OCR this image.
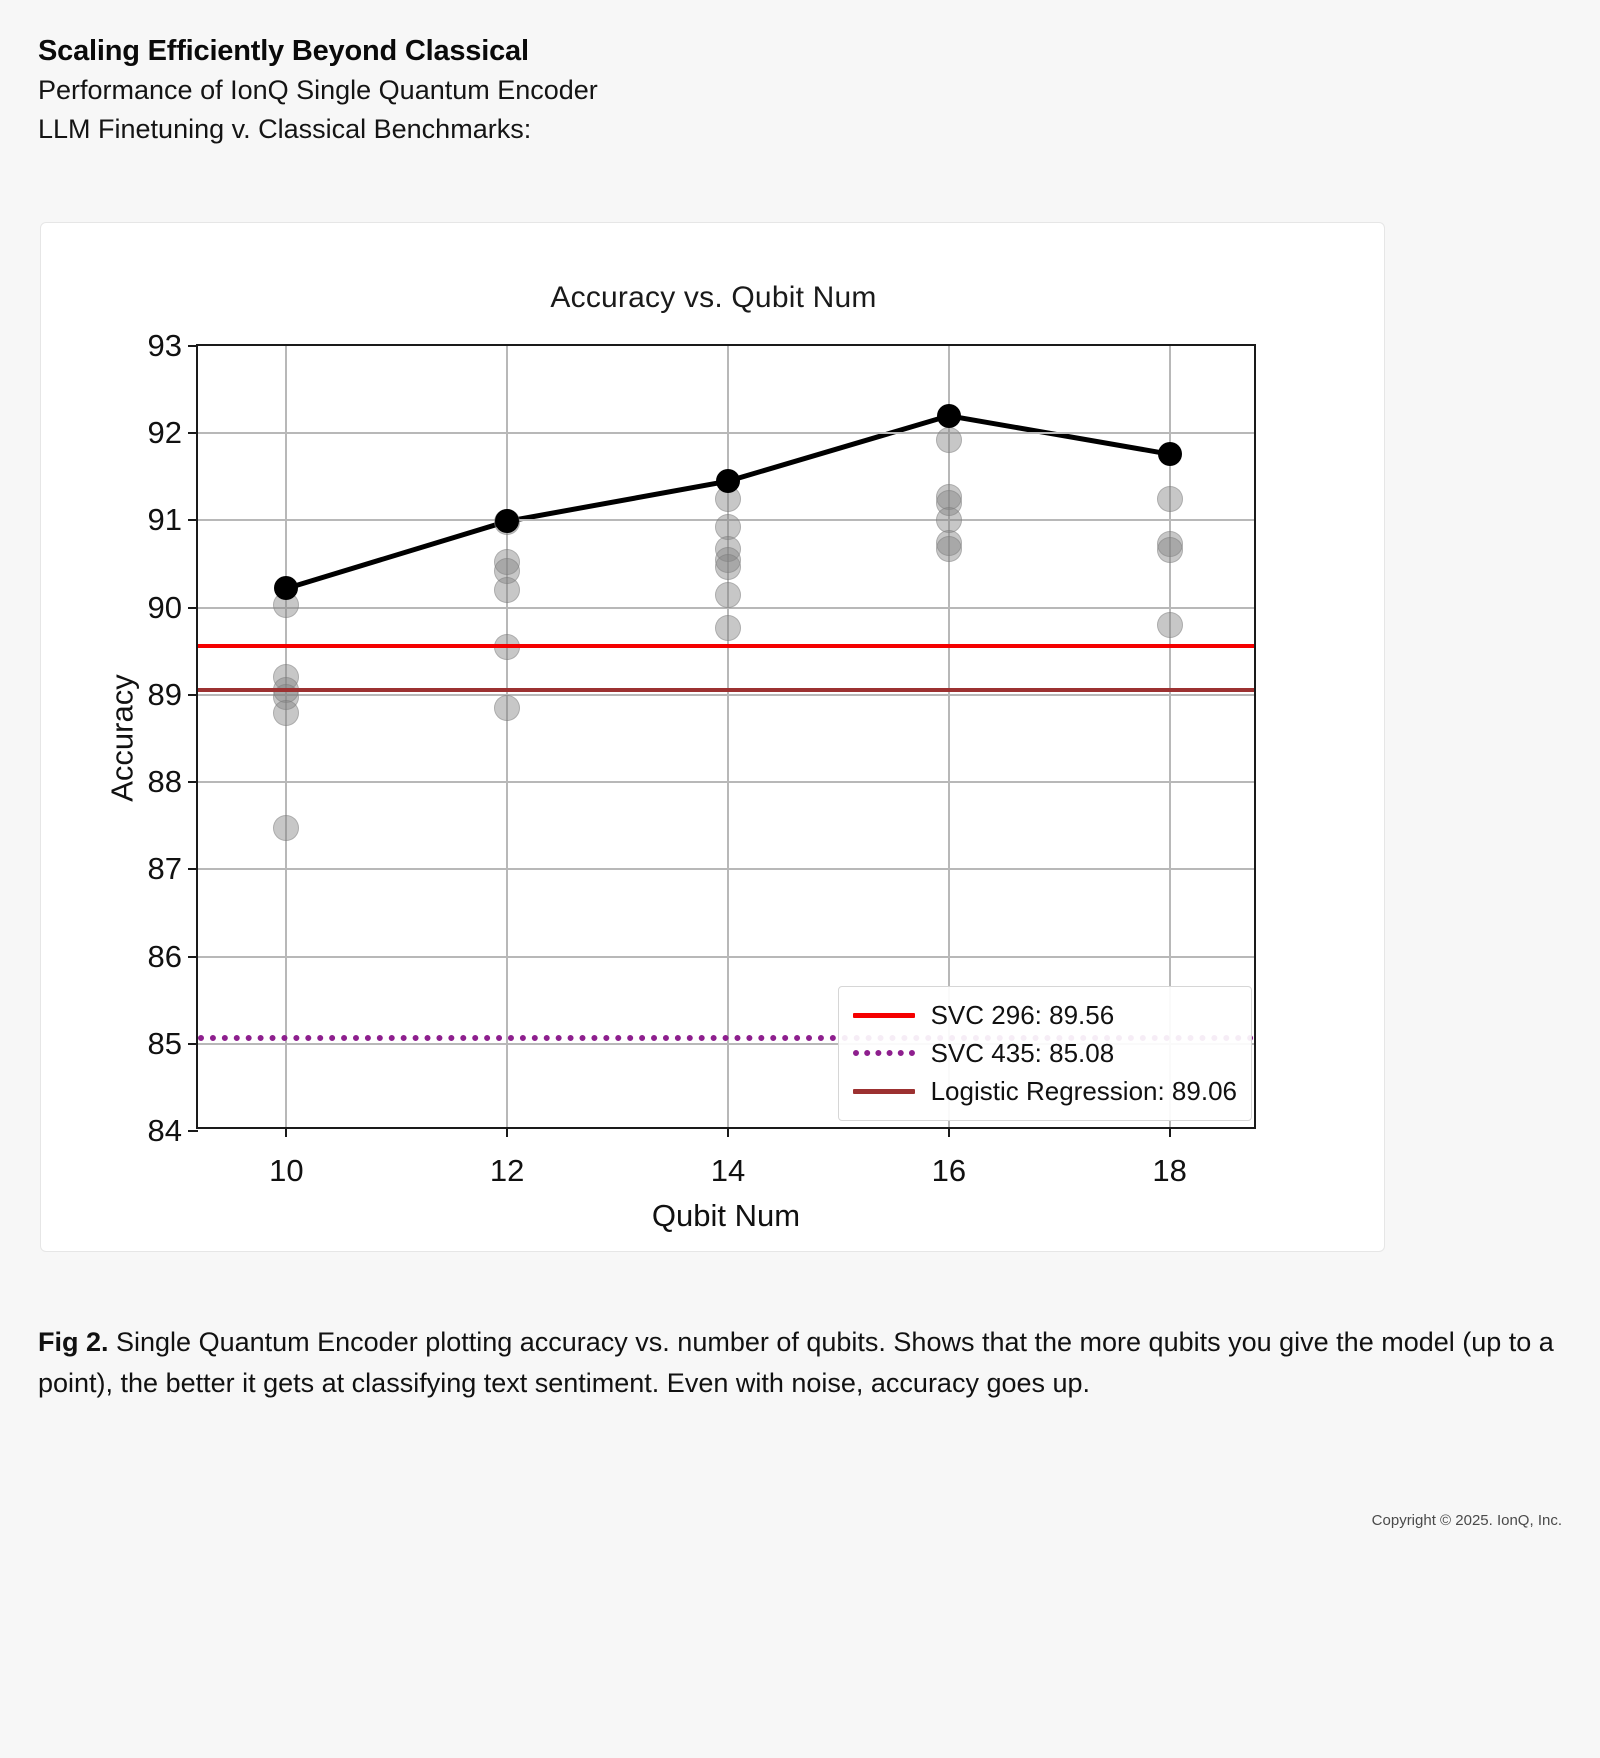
Scaling Efficiently Beyond Classical
Performance of IonQ Single Quantum Encoder
LLM Finetuning v. Classical Benchmarks:
Accuracy vs. Qubit Num
Accuracy
Qubit Num
SVC 296: 89.56
SVC 435: 85.08
Logistic Regression: 89.06
84
85
86
87
88
89
90
91
92
93
10	12	14	16	18
Fig 2. Single Quantum Encoder plotting accuracy vs. number of qubits. Shows that the more qubits you give the model (up to a point), the better it gets at classifying text sentiment. Even with noise, accuracy goes up.
Copyright © 2025. IonQ, Inc.
